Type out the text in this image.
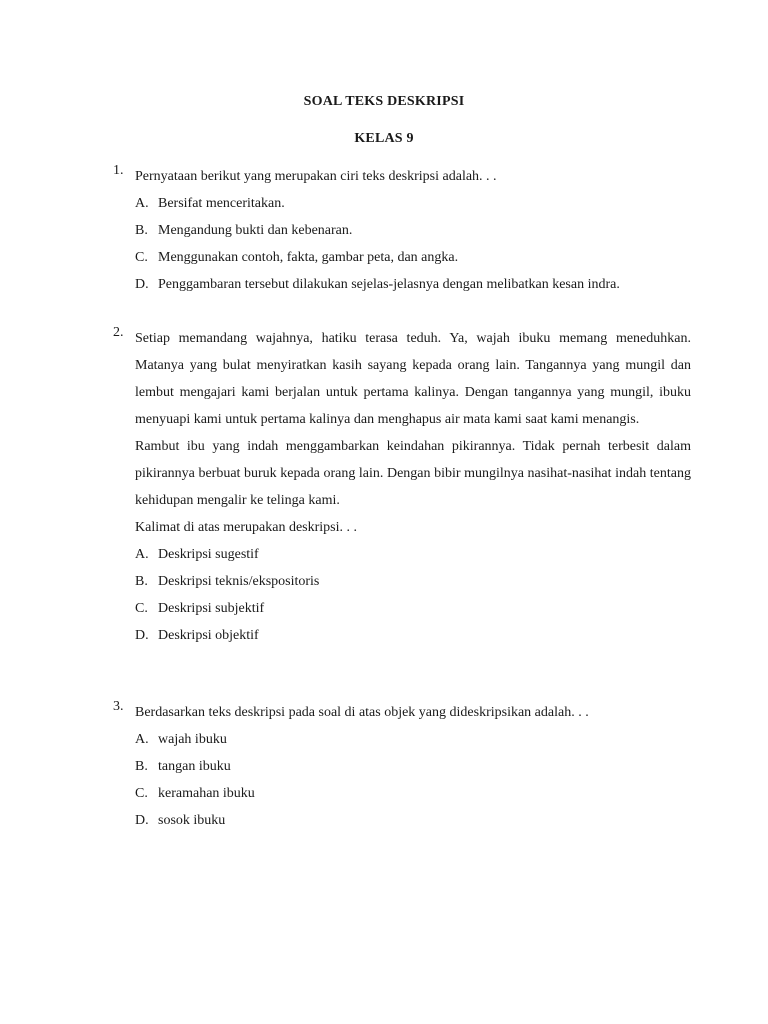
SOAL TEKS DESKRIPSI
KELAS 9
1. Pernyataan berikut yang merupakan ciri teks deskripsi adalah. . .
A. Bersifat menceritakan.
B. Mengandung bukti dan kebenaran.
C. Menggunakan contoh, fakta, gambar peta, dan angka.
D. Penggambaran tersebut dilakukan sejelas-jelasnya dengan melibatkan kesan indra.
2. Setiap memandang wajahnya, hatiku terasa teduh. Ya, wajah ibuku memang meneduhkan. Matanya yang bulat menyiratkan kasih sayang kepada orang lain. Tangannya yang mungil dan lembut mengajari kami berjalan untuk pertama kalinya. Dengan tangannya yang mungil, ibuku menyuapi kami untuk pertama kalinya dan menghapus air mata kami saat kami menangis.
Rambut ibu yang indah menggambarkan keindahan pikirannya. Tidak pernah terbesit dalam pikirannya berbuat buruk kepada orang lain. Dengan bibir mungilnya nasihat-nasihat indah tentang kehidupan mengalir ke telinga kami.
Kalimat di atas merupakan deskripsi. . .
A. Deskripsi sugestif
B. Deskripsi teknis/ekspositoris
C. Deskripsi subjektif
D. Deskripsi objektif
3. Berdasarkan teks deskripsi pada soal di atas objek yang dideskripsikan adalah. . .
A. wajah ibuku
B. tangan ibuku
C. keramahan ibuku
D. sosok ibuku
